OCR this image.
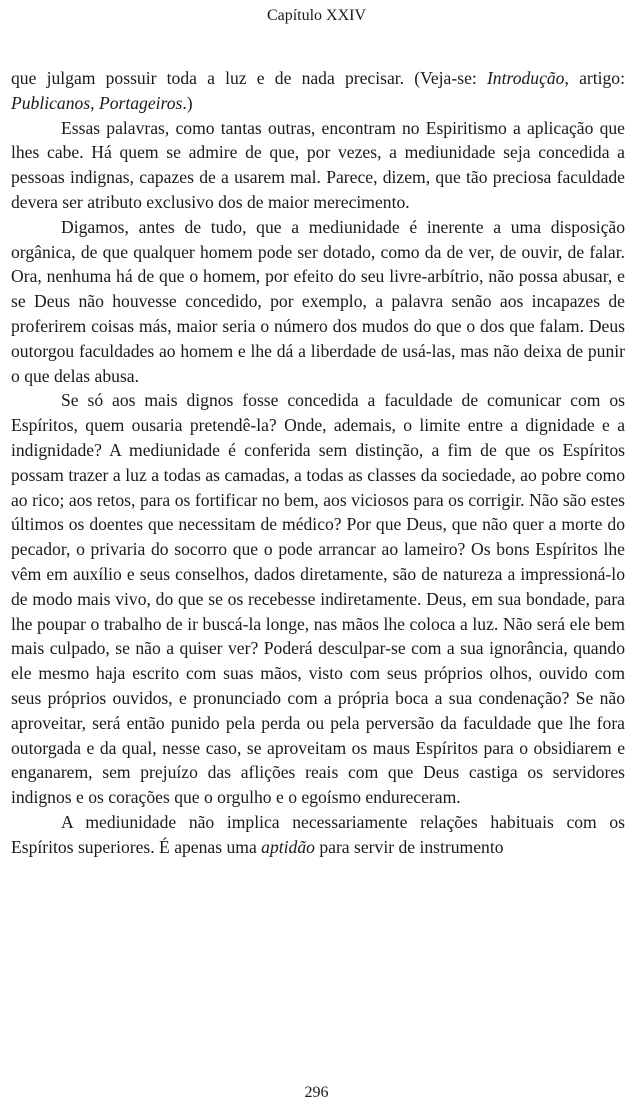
Capítulo XXIV

que julgam possuir toda a luz e de nada precisar. (Veja-se: Introdução, artigo: Publicanos, Portageiros.)

Essas palavras, como tantas outras, encontram no Espiritismo a aplicação que lhes cabe. Há quem se admire de que, por vezes, a mediunidade seja concedida a pessoas indignas, capazes de a usarem mal. Parece, dizem, que tão preciosa faculdade devera ser atributo exclusivo dos de maior merecimento.

Digamos, antes de tudo, que a mediunidade é inerente a uma disposição orgânica, de que qualquer homem pode ser dotado, como da de ver, de ouvir, de falar. Ora, nenhuma há de que o homem, por efeito do seu livre-arbítrio, não possa abusar, e se Deus não houvesse concedido, por exemplo, a palavra senão aos incapazes de proferirem coisas más, maior seria o número dos mudos do que o dos que falam. Deus outorgou faculdades ao homem e lhe dá a liberdade de usá-las, mas não deixa de punir o que delas abusa.

Se só aos mais dignos fosse concedida a faculdade de comunicar com os Espíritos, quem ousaria pretendê-la? Onde, ademais, o limite entre a dignidade e a indignidade? A mediunidade é conferida sem distinção, a fim de que os Espíritos possam trazer a luz a todas as camadas, a todas as classes da sociedade, ao pobre como ao rico; aos retos, para os fortificar no bem, aos viciosos para os corrigir. Não são estes últimos os doentes que necessitam de médico? Por que Deus, que não quer a morte do pecador, o privaria do socorro que o pode arrancar ao lameiro? Os bons Espíritos lhe vêm em auxílio e seus conselhos, dados diretamente, são de natureza a impressioná-lo de modo mais vivo, do que se os recebesse indiretamente. Deus, em sua bondade, para lhe poupar o trabalho de ir buscá-la longe, nas mãos lhe coloca a luz. Não será ele bem mais culpado, se não a quiser ver? Poderá desculpar-se com a sua ignorância, quando ele mesmo haja escrito com suas mãos, visto com seus próprios olhos, ouvido com seus próprios ouvidos, e pronunciado com a própria boca a sua condenação? Se não aproveitar, será então punido pela perda ou pela perversão da faculdade que lhe fora outorgada e da qual, nesse caso, se aproveitam os maus Espíritos para o obsidiarem e enganarem, sem prejuízo das aflições reais com que Deus castiga os servidores indignos e os corações que o orgulho e o egoísmo endureceram.

A mediunidade não implica necessariamente relações habituais com os Espíritos superiores. É apenas uma aptidão para servir de instrumento

296
